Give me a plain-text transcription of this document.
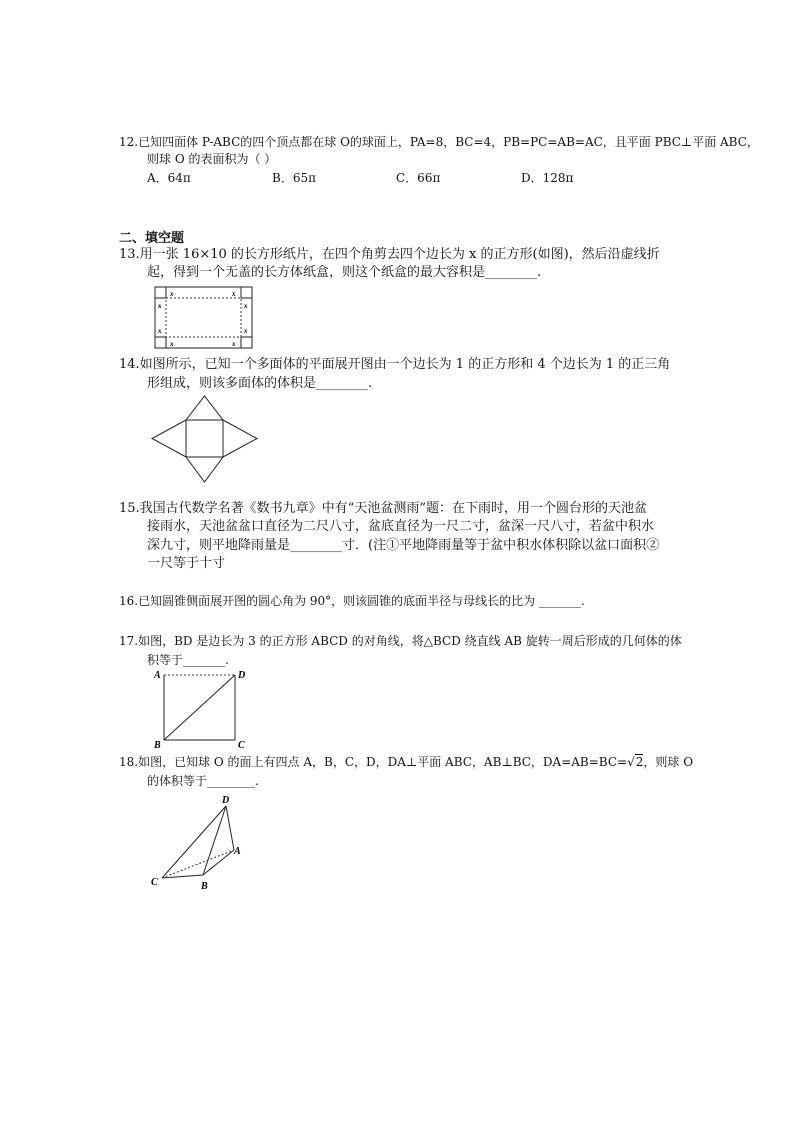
12.已知四面体 P-ABC的四个顶点都在球 O的球面上，PA=8，BC=4，PB=PC=AB=AC，且平面 PBC⊥平面 ABC，
则球 O 的表面积为（ ）
A．64π	B．65π	C．66π	D．128π
二、填空题
13.用一张 16×10 的长方形纸片，在四个角剪去四个边长为 x 的正方形(如图)，然后沿虚线折
起，得到一个无盖的长方体纸盒，则这个纸盒的最大容积是________.
x	x
x	x
x	x
x	x
14.如图所示，已知一个多面体的平面展开图由一个边长为 1 的正方形和 4 个边长为 1 的正三角
形组成，则该多面体的体积是________.
15.我国古代数学名著《数书九章》中有“天池盆测雨”题：在下雨时，用一个圆台形的天池盆
接雨水，天池盆盆口直径为二尺八寸，盆底直径为一尺二寸，盆深一尺八寸，若盆中积水
深九寸，则平地降雨量是________寸．(注①平地降雨量等于盆中积水体积除以盆口面积②
一尺等于十寸
16.已知圆锥侧面展开图的圆心角为 90°，则该圆锥的底面半径与母线长的比为 _______.
17.如图，BD 是边长为 3 的正方形 ABCD 的对角线，将△BCD 绕直线 AB 旋转一周后形成的几何体的体
积等于_______.
A	D
B	C
18.如图，已知球 O 的面上有四点 A，B，C，D，DA⊥平面 ABC，AB⊥BC，DA=AB=BC=√2，则球 O
的体积等于________.
D
A
C	B
